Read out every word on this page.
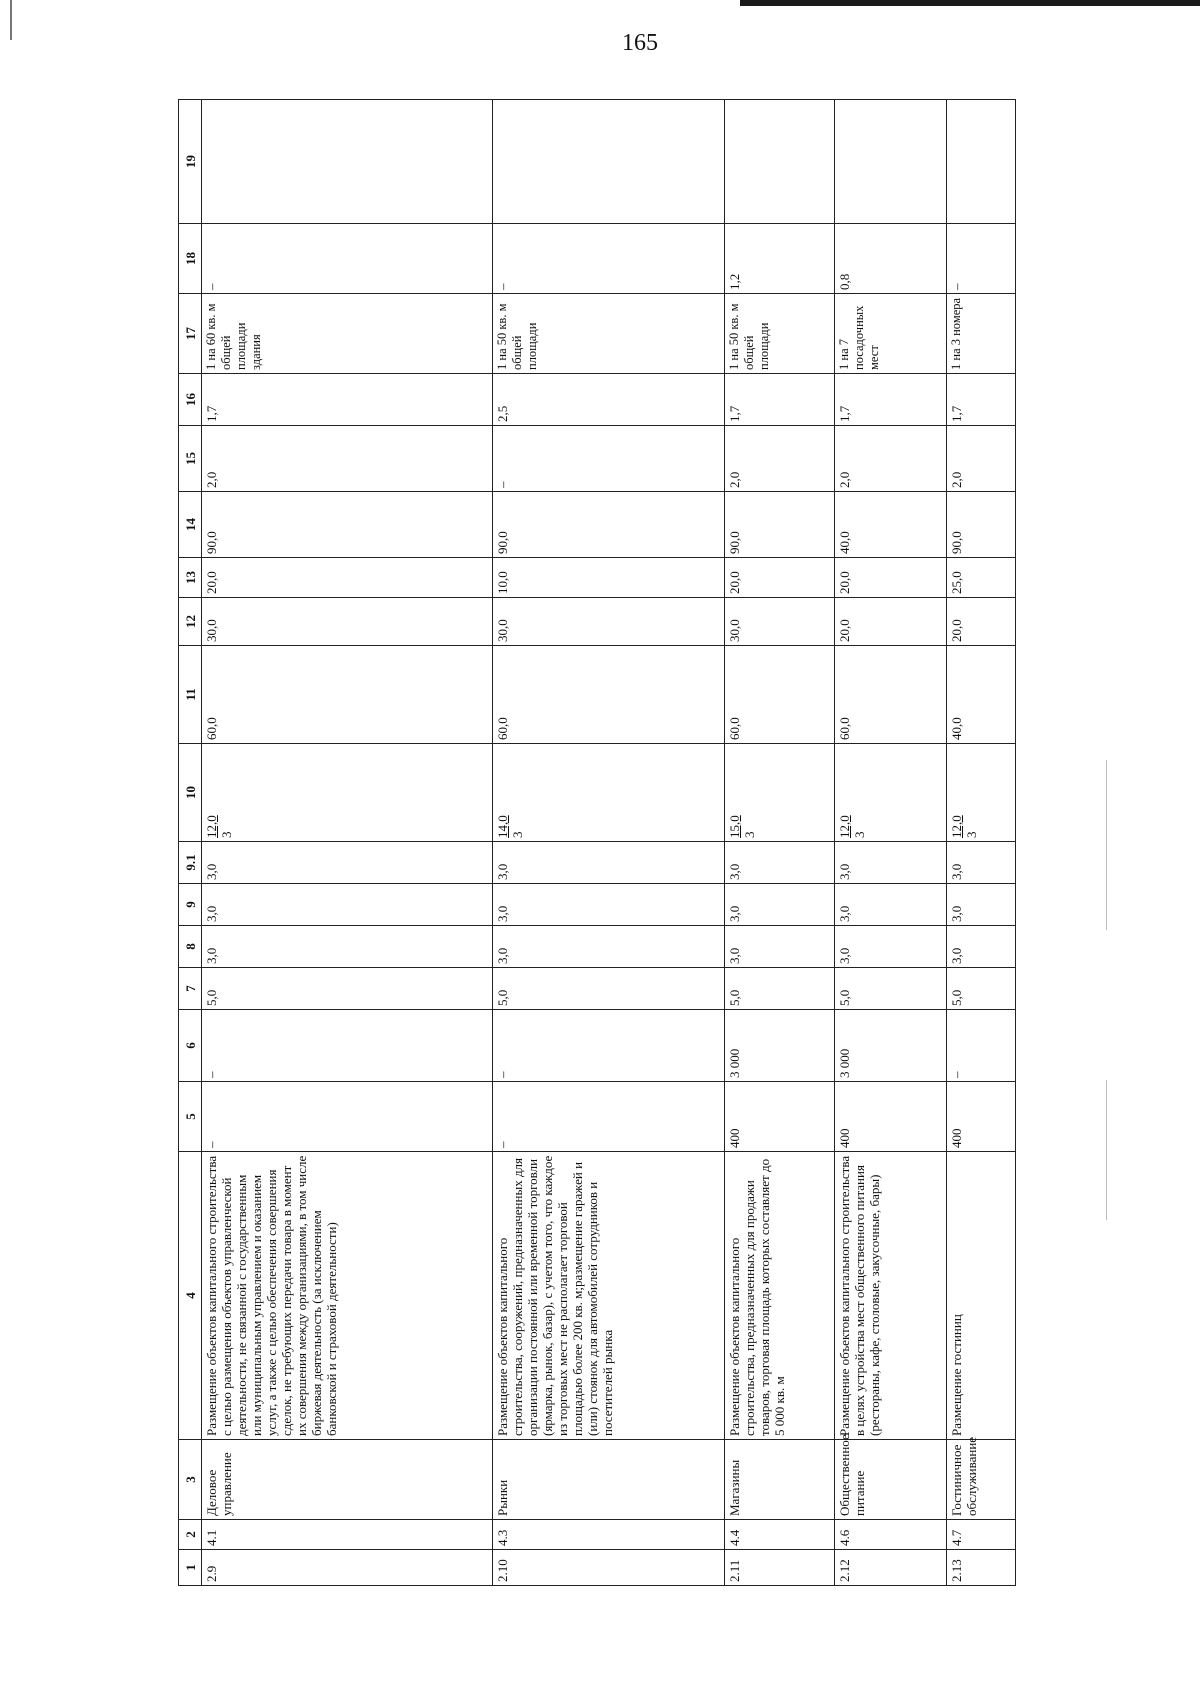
165
1	2	3	4	5	6	7	8	9	9.1	10	11	12	13	14	15	16	17	18	19
2.9	4.1	Деловое управление	Размещение объектов капитального строительства с целью размещения объектов управленческой деятельности, не связанной с государственным или муниципальным управлением и оказанием услуг, а также с целью обеспечения совершения сделок, не требующих передачи товара в момент их совершения между организациями, в том числе биржевая деятельность (за исключением банковской и страховой деятельности)	–	–	5,0	3,0	3,0	3,0	12,0 3	60,0	30,0	20,0	90,0	2,0	1,7	1 на 60 кв. м общей площади здания	–	
2.10	4.3	Рынки	Размещение объектов капитального строительства, сооружений, предназначенных для организации постоянной или временной торговли (ярмарка, рынок, базар), с учетом того, что каждое из торговых мест не располагает торговой площадью более 200 кв. м;размещение гаражей и (или) стоянок для автомобилей сотрудников и посетителей рынка	–	–	5,0	3,0	3,0	3,0	14,0 3	60,0	30,0	10,0	90,0	–	2,5	1 на 50 кв. м общей площади	–	
2.11	4.4	Магазины	Размещение объектов капитального строительства, предназначенных для продажи товаров, торговая площадь которых составляет до 5 000 кв. м	400	3 000	5,0	3,0	3,0	3,0	15,0 3	60,0	30,0	20,0	90,0	2,0	1,7	1 на 50 кв. м общей площади	1,2	
2.12	4.6	Общественное питание	Размещение объектов капитального строительства в целях устройства мест общественного питания (рестораны, кафе, столовые, закусочные, бары)	400	3 000	5,0	3,0	3,0	3,0	12,0 3	60,0	20,0	20,0	40,0	2,0	1,7	1 на 7 посадочных мест	0,8	
2.13	4.7	Гостиничное обслуживание	Размещение гостиниц	400	–	5,0	3,0	3,0	3,0	12,0 3	40,0	20,0	25,0	90,0	2,0	1,7	1 на 3 номера	–	
